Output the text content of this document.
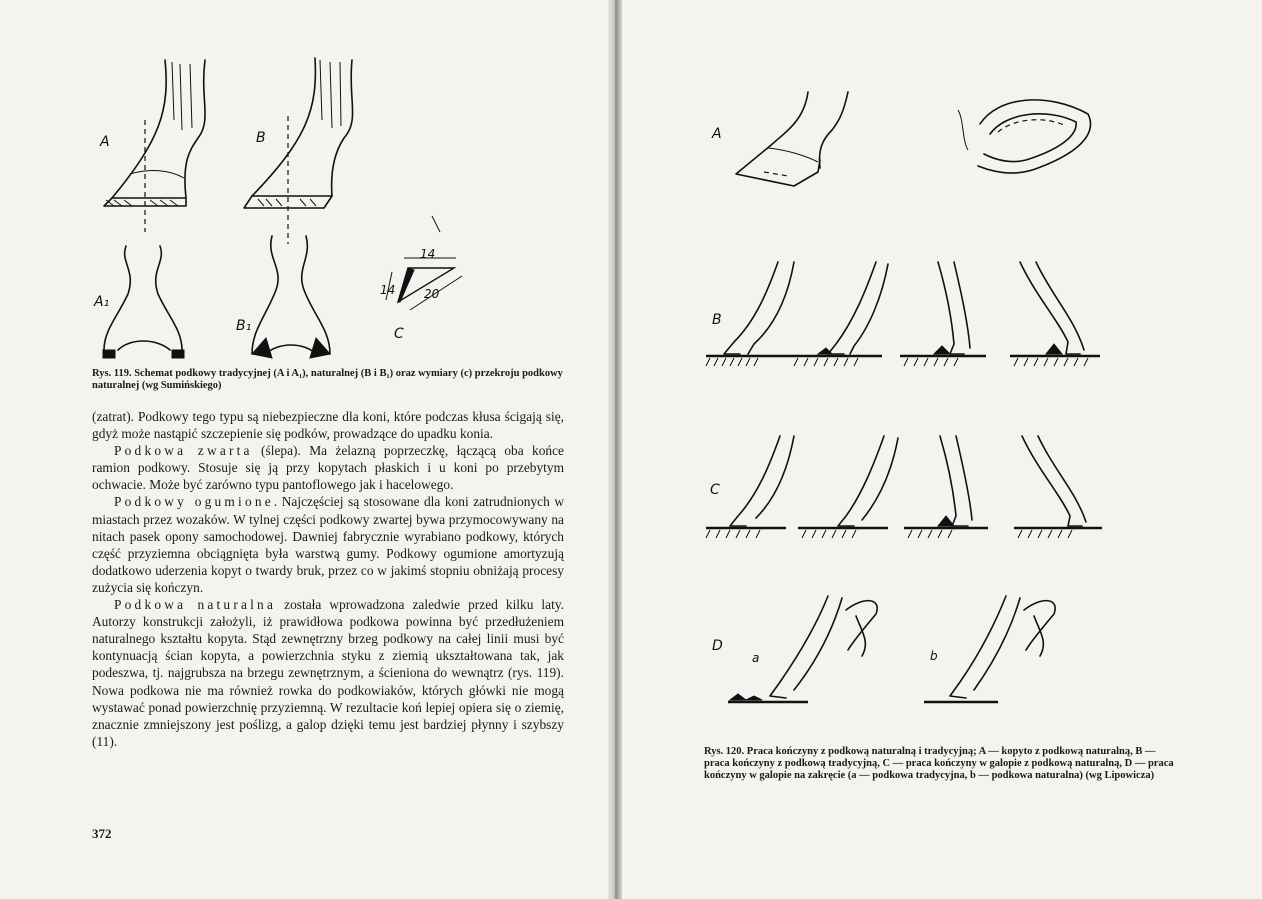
A	B
A₁
B₁
14
14 20
C
Rys. 119. Schemat podkowy tradycyjnej (A i A₁), naturalnej (B i B₁) oraz wymiary (c) przekroju podkowy naturalnej (wg Sumińskiego)

(zatrat). Podkowy tego typu są niebezpieczne dla koni, które podczas kłusa ścigają się, gdyż może nastąpić szczepienie się podków, prowadzące do upadku konia.

Podkowa zwarta (ślepa). Ma żelazną poprzeczkę, łączącą oba końce ramion podkowy. Stosuje się ją przy kopytach płaskich i u koni po przebytym ochwacie. Może być zarówno typu pantoflowego jak i hacelowego.

Podkowy ogumione. Najczęściej są stosowane dla koni zatrudnionych w miastach przez wozaków. W tylnej części podkowy zwartej bywa przymocowywany na nitach pasek opony samochodowej. Dawniej fabrycznie wyrabiano podkowy, których część przyziemna obciągnięta była warstwą gumy. Podkowy ogumione amortyzują dodatkowo uderzenia kopyt o twardy bruk, przez co w jakimś stopniu obniżają procesy zużycia się kończyn.

Podkowa naturalna została wprowadzona zaledwie przed kilku laty. Autorzy konstrukcji założyli, iż prawidłowa podkowa powinna być przedłużeniem naturalnego kształtu kopyta. Stąd zewnętrzny brzeg podkowy na całej linii musi być kontynuacją ścian kopyta, a powierzchnia styku z ziemią ukształtowana tak, jak podeszwa, tj. najgrubsza na brzegu zewnętrznym, a ścieniona do wewnątrz (rys. 119). Nowa podkowa nie ma również rowka do podkowiaków, których główki nie mogą wystawać ponad powierzchnię przyziemną. W rezultacie koń lepiej opiera się o ziemię, znacznie zmniejszony jest poślizg, a galop dzięki temu jest bardziej płynny i szybszy (11).

372
A
B
C
D
a	b
Rys. 120. Praca kończyny z podkową naturalną i tradycyjną; A — kopyto z podkową naturalną, B — praca kończyny z podkową tradycyjną, C — praca kończyny w galopie z podkową naturalną, D — praca kończyny w galopie na zakręcie (a — podkowa tradycyjna, b — podkowa naturalna) (wg Lipowicza)
